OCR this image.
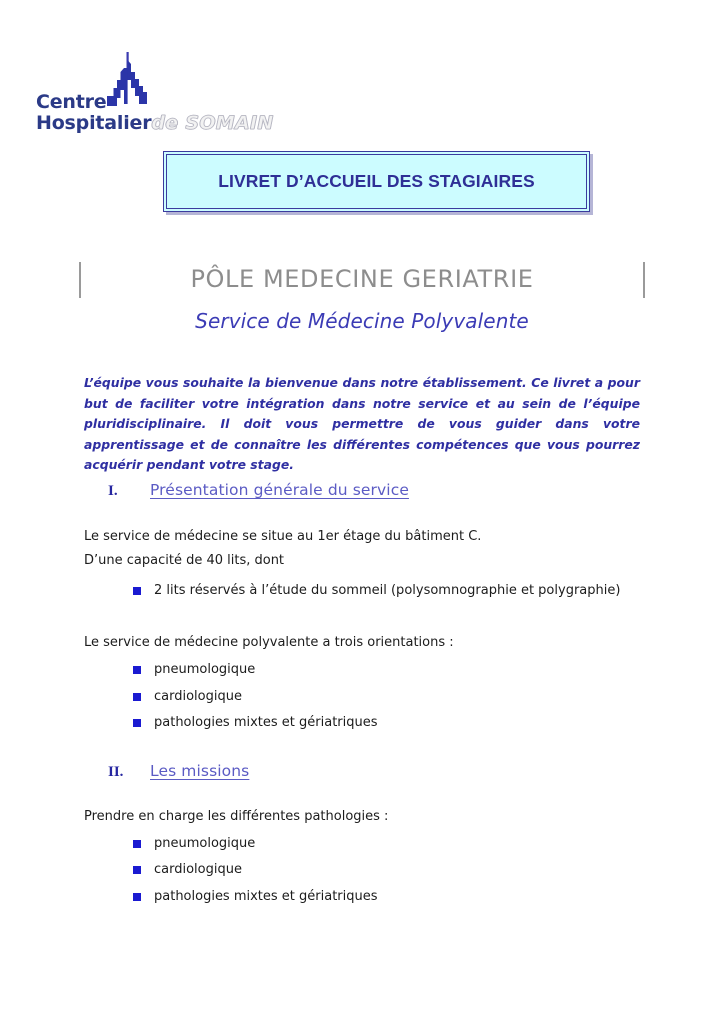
Centre
Hospitalierde SOMAIN
LIVRET D’ACCUEIL DES STAGIAIRES
PÔLE MEDECINE GERIATRIE
Service de Médecine Polyvalente
L’équipe vous souhaite la bienvenue dans notre établissement. Ce livret a pour but de faciliter votre intégration dans notre service et au sein de l’équipe pluridisciplinaire. Il doit vous permettre de vous guider dans votre apprentissage et de connaître les différentes compétences que vous pourrez acquérir pendant votre stage.
I.	Présentation générale du service
Le service de médecine se situe au 1er étage du bâtiment C.
D’une capacité de 40 lits, dont
2 lits réservés à l’étude du sommeil (polysomnographie et polygraphie)
Le service de médecine polyvalente a trois orientations :
pneumologique
cardiologique
pathologies mixtes et gériatriques
II.	Les missions
Prendre en charge les différentes pathologies :
pneumologique
cardiologique
pathologies mixtes et gériatriques
